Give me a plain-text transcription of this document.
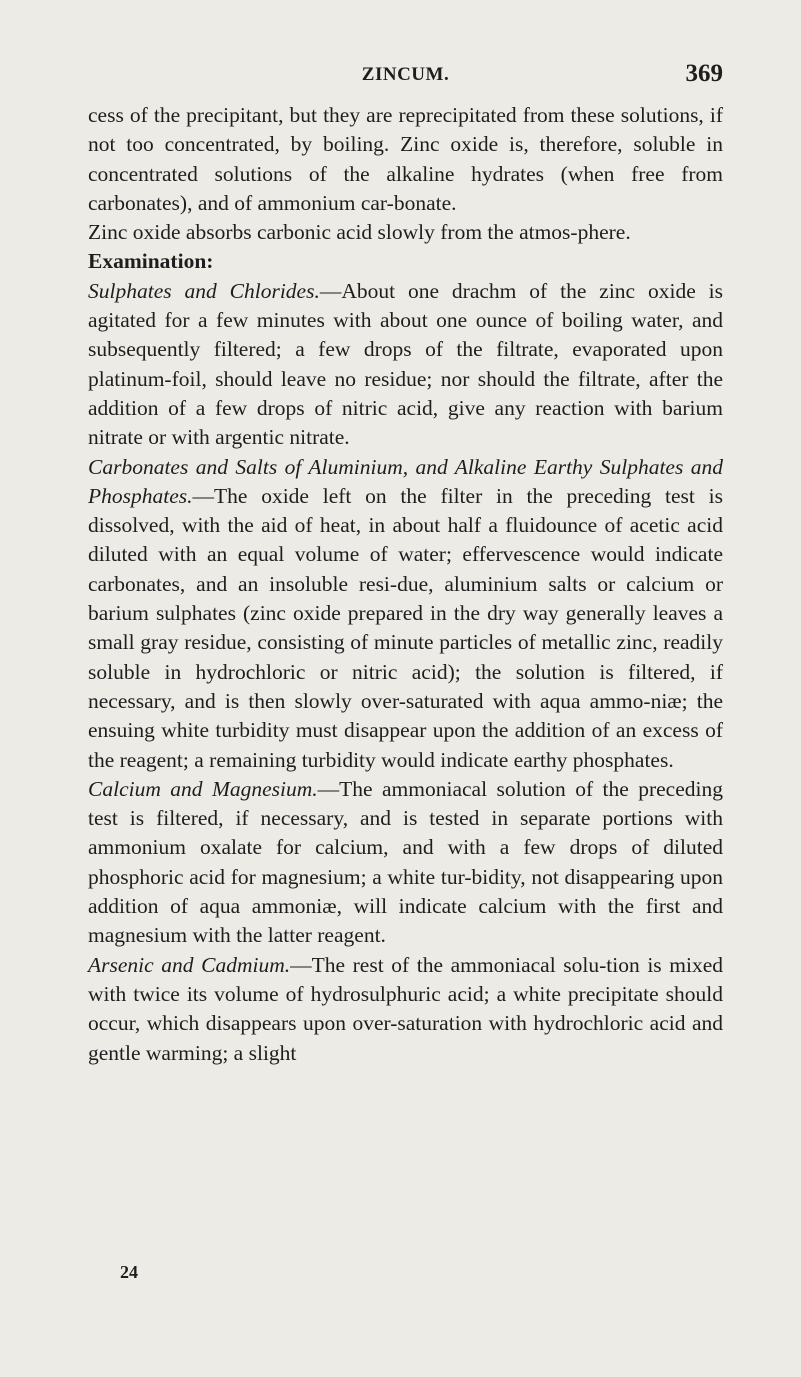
ZINCUM.	369

cess of the precipitant, but they are reprecipitated from these solutions, if not too concentrated, by boiling. Zinc oxide is, therefore, soluble in concentrated solutions of the alkaline hydrates (when free from carbonates), and of ammonium car-bonate.

Zinc oxide absorbs carbonic acid slowly from the atmos-phere.

Examination:

Sulphates and Chlorides.—About one drachm of the zinc oxide is agitated for a few minutes with about one ounce of boiling water, and subsequently filtered; a few drops of the filtrate, evaporated upon platinum-foil, should leave no residue; nor should the filtrate, after the addition of a few drops of nitric acid, give any reaction with barium nitrate or with argentic nitrate.

Carbonates and Salts of Aluminium, and Alkaline Earthy Sulphates and Phosphates.—The oxide left on the filter in the preceding test is dissolved, with the aid of heat, in about half a fluidounce of acetic acid diluted with an equal volume of water; effervescence would indicate carbonates, and an insoluble resi-due, aluminium salts or calcium or barium sulphates (zinc oxide prepared in the dry way generally leaves a small gray residue, consisting of minute particles of metallic zinc, readily soluble in hydrochloric or nitric acid); the solution is filtered, if necessary, and is then slowly over-saturated with aqua ammo-niæ; the ensuing white turbidity must disappear upon the addition of an excess of the reagent; a remaining turbidity would indicate earthy phosphates.

Calcium and Magnesium.—The ammoniacal solution of the preceding test is filtered, if necessary, and is tested in separate portions with ammonium oxalate for calcium, and with a few drops of diluted phosphoric acid for magnesium; a white tur-bidity, not disappearing upon addition of aqua ammoniæ, will indicate calcium with the first and magnesium with the latter reagent.

Arsenic and Cadmium.—The rest of the ammoniacal solu-tion is mixed with twice its volume of hydrosulphuric acid; a white precipitate should occur, which disappears upon over-saturation with hydrochloric acid and gentle warming; a slight

24
